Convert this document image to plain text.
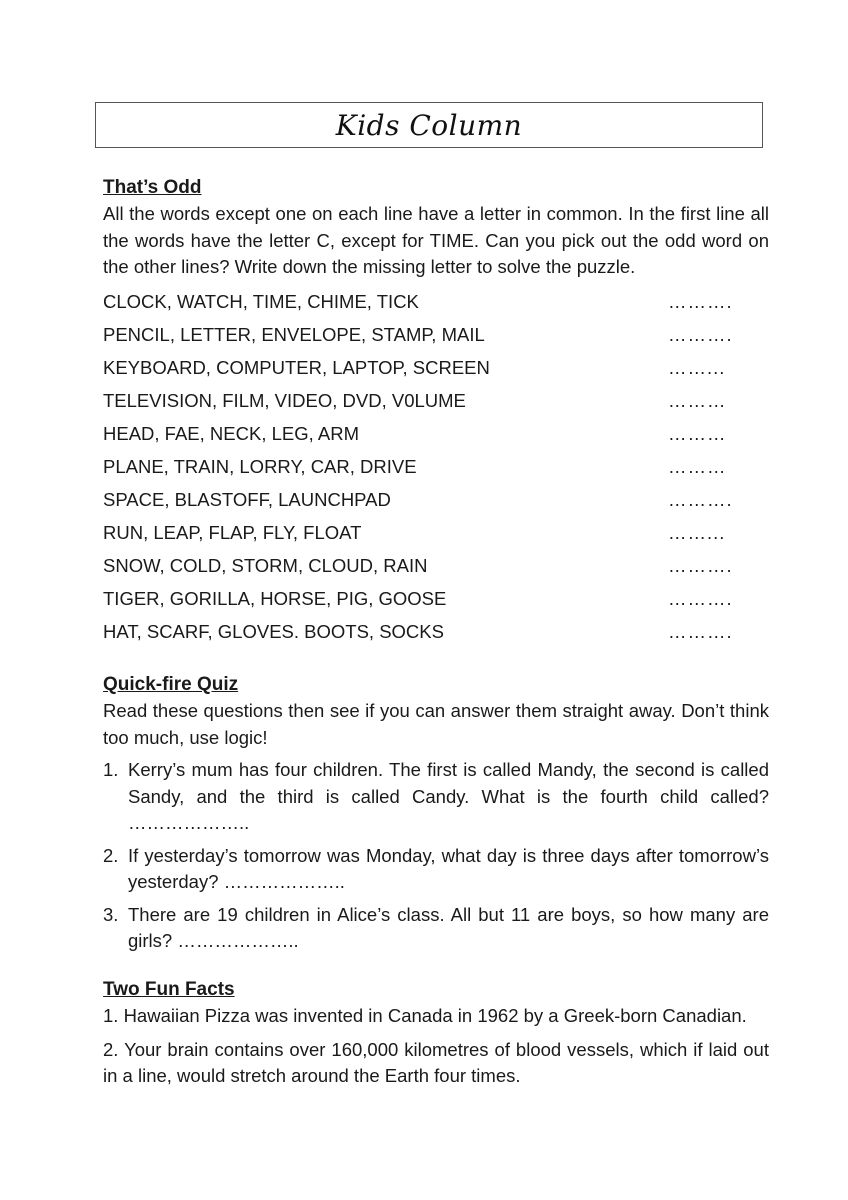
Kids Column

That’s Odd

All the words except one on each line have a letter in common. In the first line all the words have the letter C, except for TIME. Can you pick out the odd word on the other lines? Write down the missing letter to solve the puzzle.

CLOCK, WATCH, TIME, CHIME, TICK	……….
PENCIL, LETTER, ENVELOPE, STAMP, MAIL	……….
KEYBOARD, COMPUTER, LAPTOP, SCREEN	……...
TELEVISION, FILM, VIDEO, DVD, V0LUME	………
HEAD, FAE, NECK, LEG, ARM	………
PLANE, TRAIN, LORRY, CAR, DRIVE	………
SPACE, BLASTOFF, LAUNCHPAD	……….
RUN, LEAP, FLAP, FLY, FLOAT	……...
SNOW, COLD, STORM, CLOUD, RAIN	……….
TIGER, GORILLA, HORSE, PIG, GOOSE	……….
HAT, SCARF, GLOVES. BOOTS, SOCKS	……….

Quick-fire Quiz

Read these questions then see if you can answer them straight away. Don’t think too much, use logic!

1. Kerry’s mum has four children. The first is called Mandy, the second is called Sandy, and the third is called Candy. What is the fourth child called? ………………..
2. If yesterday’s tomorrow was Monday, what day is three days after tomorrow’s yesterday? ………………..
3. There are 19 children in Alice’s class. All but 11 are boys, so how many are girls? ………………..

Two Fun Facts

1. Hawaiian Pizza was invented in Canada in 1962 by a Greek-born Canadian.

2. Your brain contains over 160,000 kilometres of blood vessels, which if laid out in a line, would stretch around the Earth four times.
